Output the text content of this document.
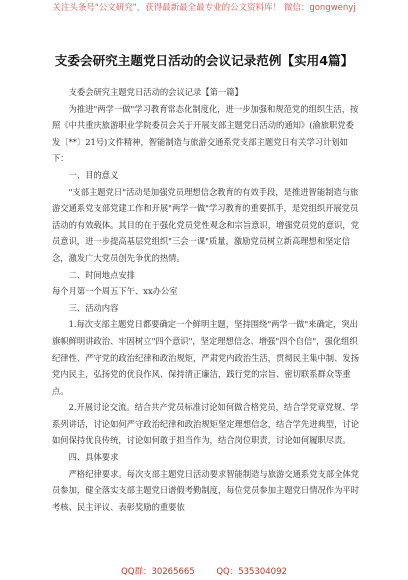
关注头条号"公文研究"，获得最新最全最专业的公文资料库！ 微信：gongwenyj
支委会研究主题党日活动的会议记录范例【实用4篇】

支委会研究主题党日活动的会议记录【第一篇】

为推进"两学一做"学习教育常态化制度化，进一步加强和规范党的组织生活，按照《中共重庆旅游职业学院委员会关于开展支部主题党日活动的通知》(渝旅职党委发〔**〕21号)文件精神，智能制造与旅游交通系党支部主题党日有关学习计划如下：

一、目的意义

"支部主题党日"活动是加强党员理想信念教育的有效手段，是推进智能制造与旅游交通系党支部党建工作和开展"两学一做"学习教育的重要抓手，是党组织开展党员活动的有效载体。其目的在于强化党员党性观念和宗旨意识，增强党员党的意识，党员意识，进一步提高基层党组织"三会一课"质量，激励党员树立新高理想和坚定信念，激发广大党员创先争优的热情。

二、时间地点安排

每个月第一个周五下午、xx办公室

三、活动内容

1.每次支部主题党日都要确定一个鲜明主题，坚持围绕"两学一做"来确定，突出旗帜鲜明讲政治、牢固树立"四个意识"，坚定理想信念、增强"四个自信"，强化组织纪律性、严守党的政治纪律和政治规矩，严肃党内政治生活，贯彻民主集中制、发扬党内民主，弘扬党的优良作风、保持清正廉洁，践行党的宗旨、密切联系群众等重点。

2.开展讨论交流。结合共产党员标准讨论如何做合格党员，结合学党章党规、学系列讲话，讨论如何严守政治纪律和政治规矩坚定理想信念，结合学先进典型，讨论如何保持优良传统，讨论如何敢于担当作为，结合岗位职责，讨论如何履职尽责。

四、具体要求

严格纪律要求。每次支部主题党日活动要求智能制造与旅游交通系党支部全体党员参加，健全落实支部主题党日谱假考勤制度，每位党员参加主题党日情况作为平时考核、民主评议、表彰奖励的重要依

QQ群：30265665        QQ：535304092
